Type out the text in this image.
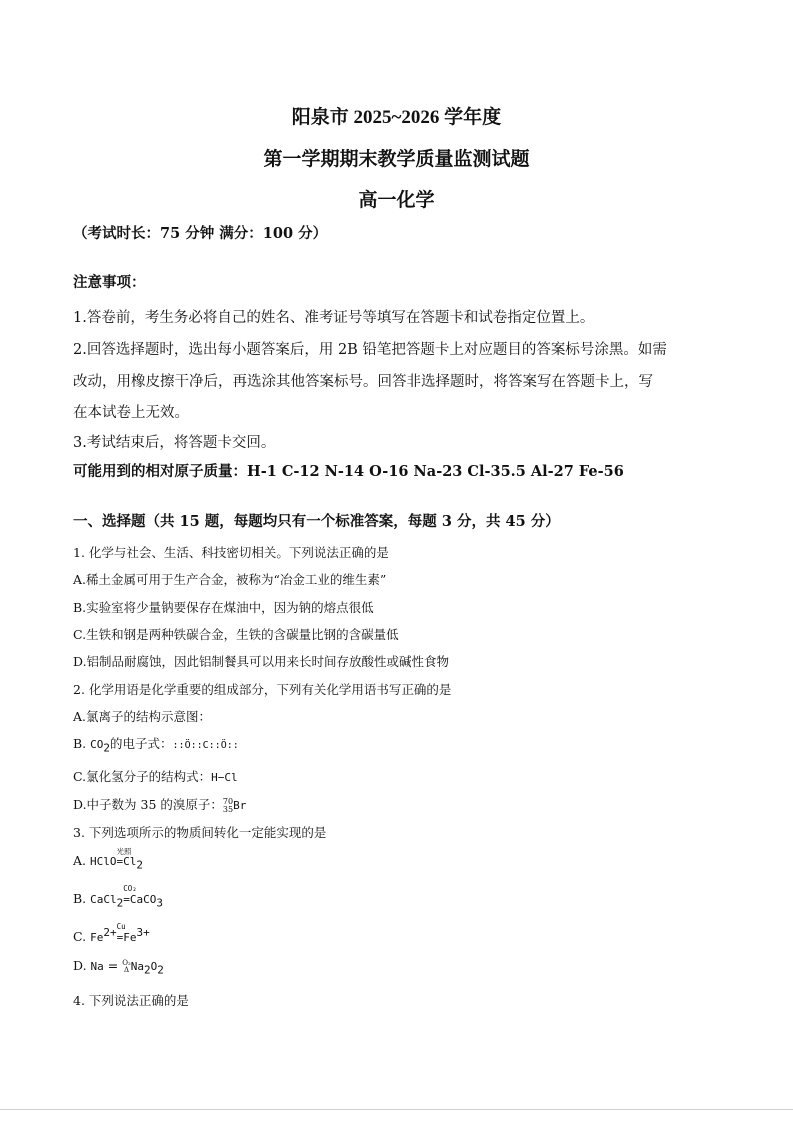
阳泉市 2025~2026 学年度
第一学期期末教学质量监测试题
高一化学
（考试时长：75 分钟 满分：100 分）
注意事项：
1.答卷前，考生务必将自己的姓名、准考证号等填写在答题卡和试卷指定位置上。
2.回答选择题时，选出每小题答案后，用 2B 铅笔把答题卡上对应题目的答案标号涂黑。如需
改动，用橡皮擦干净后，再选涂其他答案标号。回答非选择题时，将答案写在答题卡上，写
在本试卷上无效。
3.考试结束后，将答题卡交回。
可能用到的相对原子质量：H-1 C-12 N-14 O-16 Na-23 Cl-35.5 Al-27 Fe-56
一、选择题（共 15 题，每题均只有一个标准答案，每题 3 分，共 45 分）
1. 化学与社会、生活、科技密切相关。下列说法正确的是
A.稀土金属可用于生产合金，被称为“冶金工业的维生素”
B.实验室将少量钠要保存在煤油中，因为钠的熔点很低
C.生铁和钢是两种铁碳合金，生铁的含碳量比钢的含碳量低
D.铝制品耐腐蚀，因此铝制餐具可以用来长时间存放酸性或碱性食物
2. 化学用语是化学重要的组成部分，下列有关化学用语书写正确的是
A.氯离子的结构示意图：
B. $CO_2$的电子式：::Ö::C::Ö::
C.氯化氢分子的结构式：H−Cl
D.中子数为 35 的溴原子： 70
35 Br
3. 下列选项所示的物质间转化一定能实现的是
A. HClO
光照
$=Cl_2$
B. CaCl$_2$
CO₂
=CaCO$_3$
C. $Fe^{2+}$ Cu
$=Fe^{3+}$
D. Na = O₂
Δ $Na_2O_2$
4. 下列说法正确的是
